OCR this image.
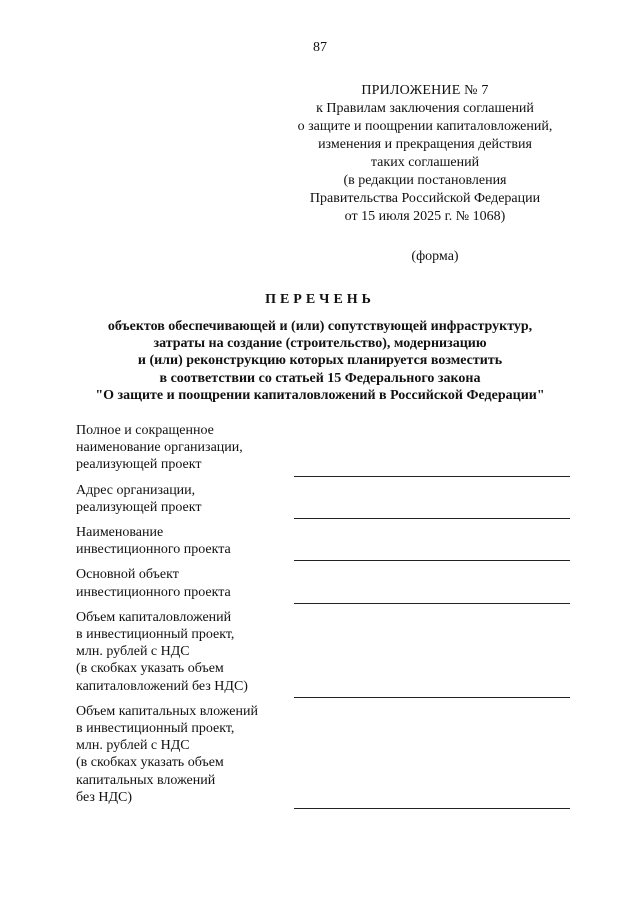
87
ПРИЛОЖЕНИЕ № 7
к Правилам заключения соглашений
о защите и поощрении капиталовложений,
изменения и прекращения действия
таких соглашений
(в редакции постановления
Правительства Российской Федерации
от 15 июля 2025 г. № 1068)
(форма)
ПЕРЕЧЕНЬ
объектов обеспечивающей и (или) сопутствующей инфраструктур,
затраты на создание (строительство), модернизацию
и (или) реконструкцию которых планируется возместить
в соответствии со статьей 15 Федерального закона
"О защите и поощрении капиталовложений в Российской Федерации"
Полное и сокращенное
наименование организации,
реализующей проект
Адрес организации,
реализующей проект
Наименование
инвестиционного проекта
Основной объект
инвестиционного проекта
Объем капиталовложений
в инвестиционный проект,
млн. рублей с НДС
(в скобках указать объем
капиталовложений без НДС)
Объем капитальных вложений
в инвестиционный проект,
млн. рублей с НДС
(в скобках указать объем
капитальных вложений
без НДС)
